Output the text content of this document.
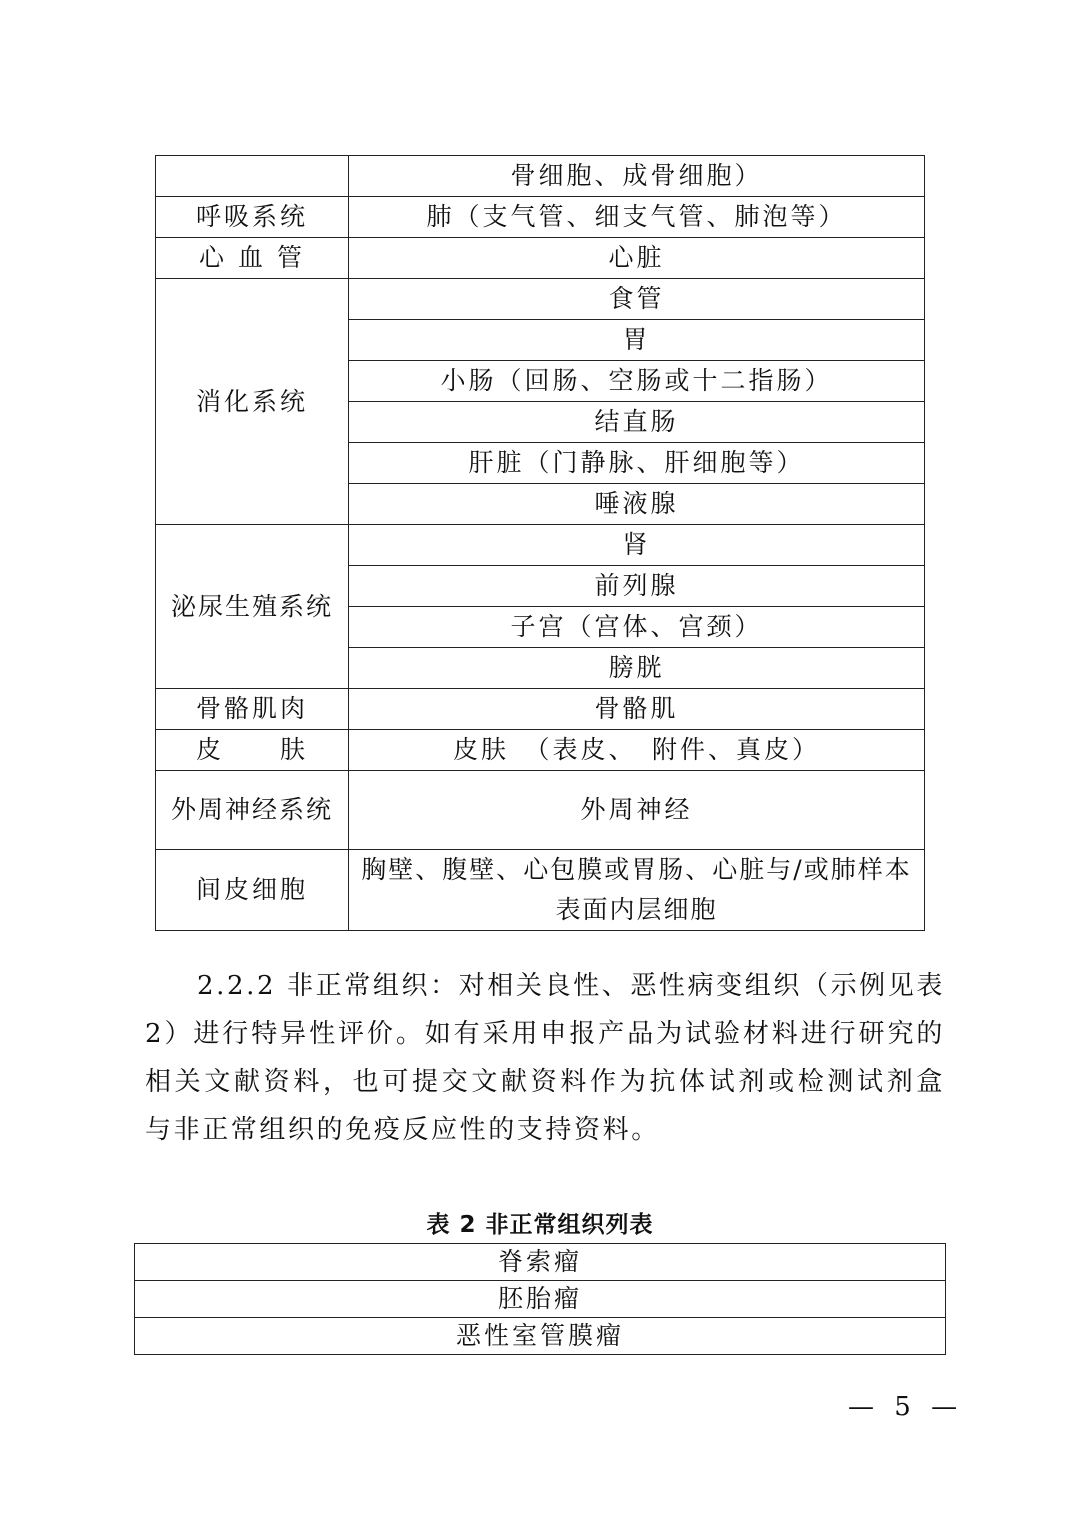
	骨细胞、成骨细胞）
呼吸系统	肺（支气管、细支气管、肺泡等）
心 血 管	心脏
消化系统	食管
	胃
	小肠（回肠、空肠或十二指肠）
	结直肠
	肝脏（门静脉、肝细胞等）
	唾液腺
泌尿生殖系统	肾
	前列腺
	子宫（宫体、宫颈）
	膀胱
骨骼肌肉	骨骼肌
皮　　肤	皮肤　（表皮、　附件、真皮）
外周神经系统	外周神经
间皮细胞	胸壁、腹壁、心包膜或胃肠、心脏与/或肺样本表面内层细胞

2.2.2 非正常组织：对相关良性、恶性病变组织（示例见表2）进行特异性评价。如有采用申报产品为试验材料进行研究的相关文献资料，也可提交文献资料作为抗体试剂或检测试剂盒与非正常组织的免疫反应性的支持资料。

表 2 非正常组织列表
脊索瘤
胚胎瘤
恶性室管膜瘤
— 5 —
